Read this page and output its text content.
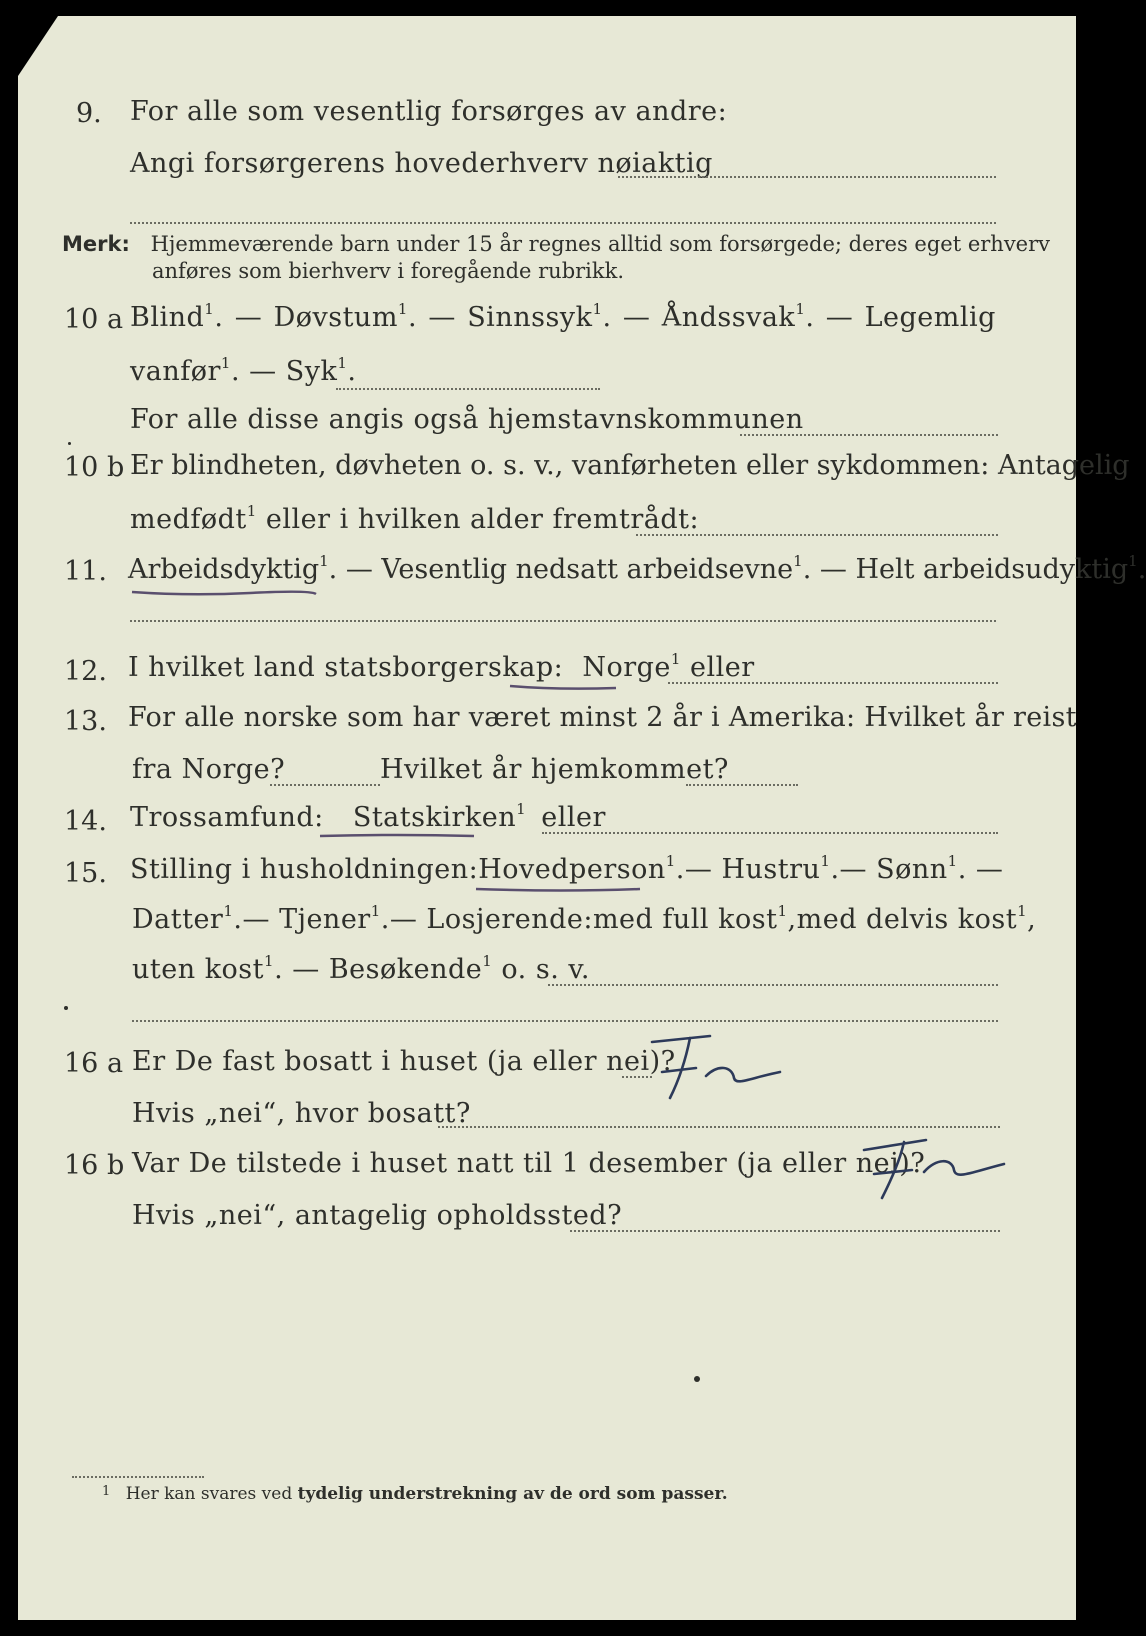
9. For alle som vesentlig forsørges av andre:
Angi forsørgerens hovederhverv nøiaktig
Merk: Hjemmeværende barn under 15 år regnes alltid som forsørgede; deres eget erhverv
anføres som bierhverv i foregående rubrikk.
10 a Blind$^1$. — Døvstum$^1$. — Sinnssyk$^1$. — Åndssvak$^1$. — Legemlig
vanfør$^1$. — Syk$^1$.
For alle disse angis også hjemstavnskommunen
10 b Er blindheten, døvheten o. s. v., vanførheten eller sykdommen: Antagelig
medfødt$^1$ eller i hvilken alder fremtrådt:
11. Arbeidsdyktig$^1$. — Vesentlig nedsatt arbeidsevne$^1$. — Helt arbeidsudyktig$^1$.
12. I hvilket land statsborgerskap: Norge$^1$ eller
13. For alle norske som har været minst 2 år i Amerika: Hvilket år reist
fra Norge?	Hvilket år hjemkommet?
14. Trossamfund: Statskirken$^1$ eller
15. Stilling i husholdningen: Hovedperson$^1$. — Hustru$^1$. — Sønn$^1$. —
Datter$^1$. — Tjener$^1$. — Losjerende: med full kost$^1$, med delvis kost$^1$,
uten kost$^1$. — Besøkende$^1$ o. s. v.
16 a Er De fast bosatt i huset (ja eller nei)?
Ja
Hvis „nei“, hvor bosatt?
16 b Var De tilstede i huset natt til 1 desember (ja eller nei)?
Ja
Hvis „nei“, antagelig opholdssted?
$^1$ Her kan svares ved tydelig understrekning av de ord som passer.
